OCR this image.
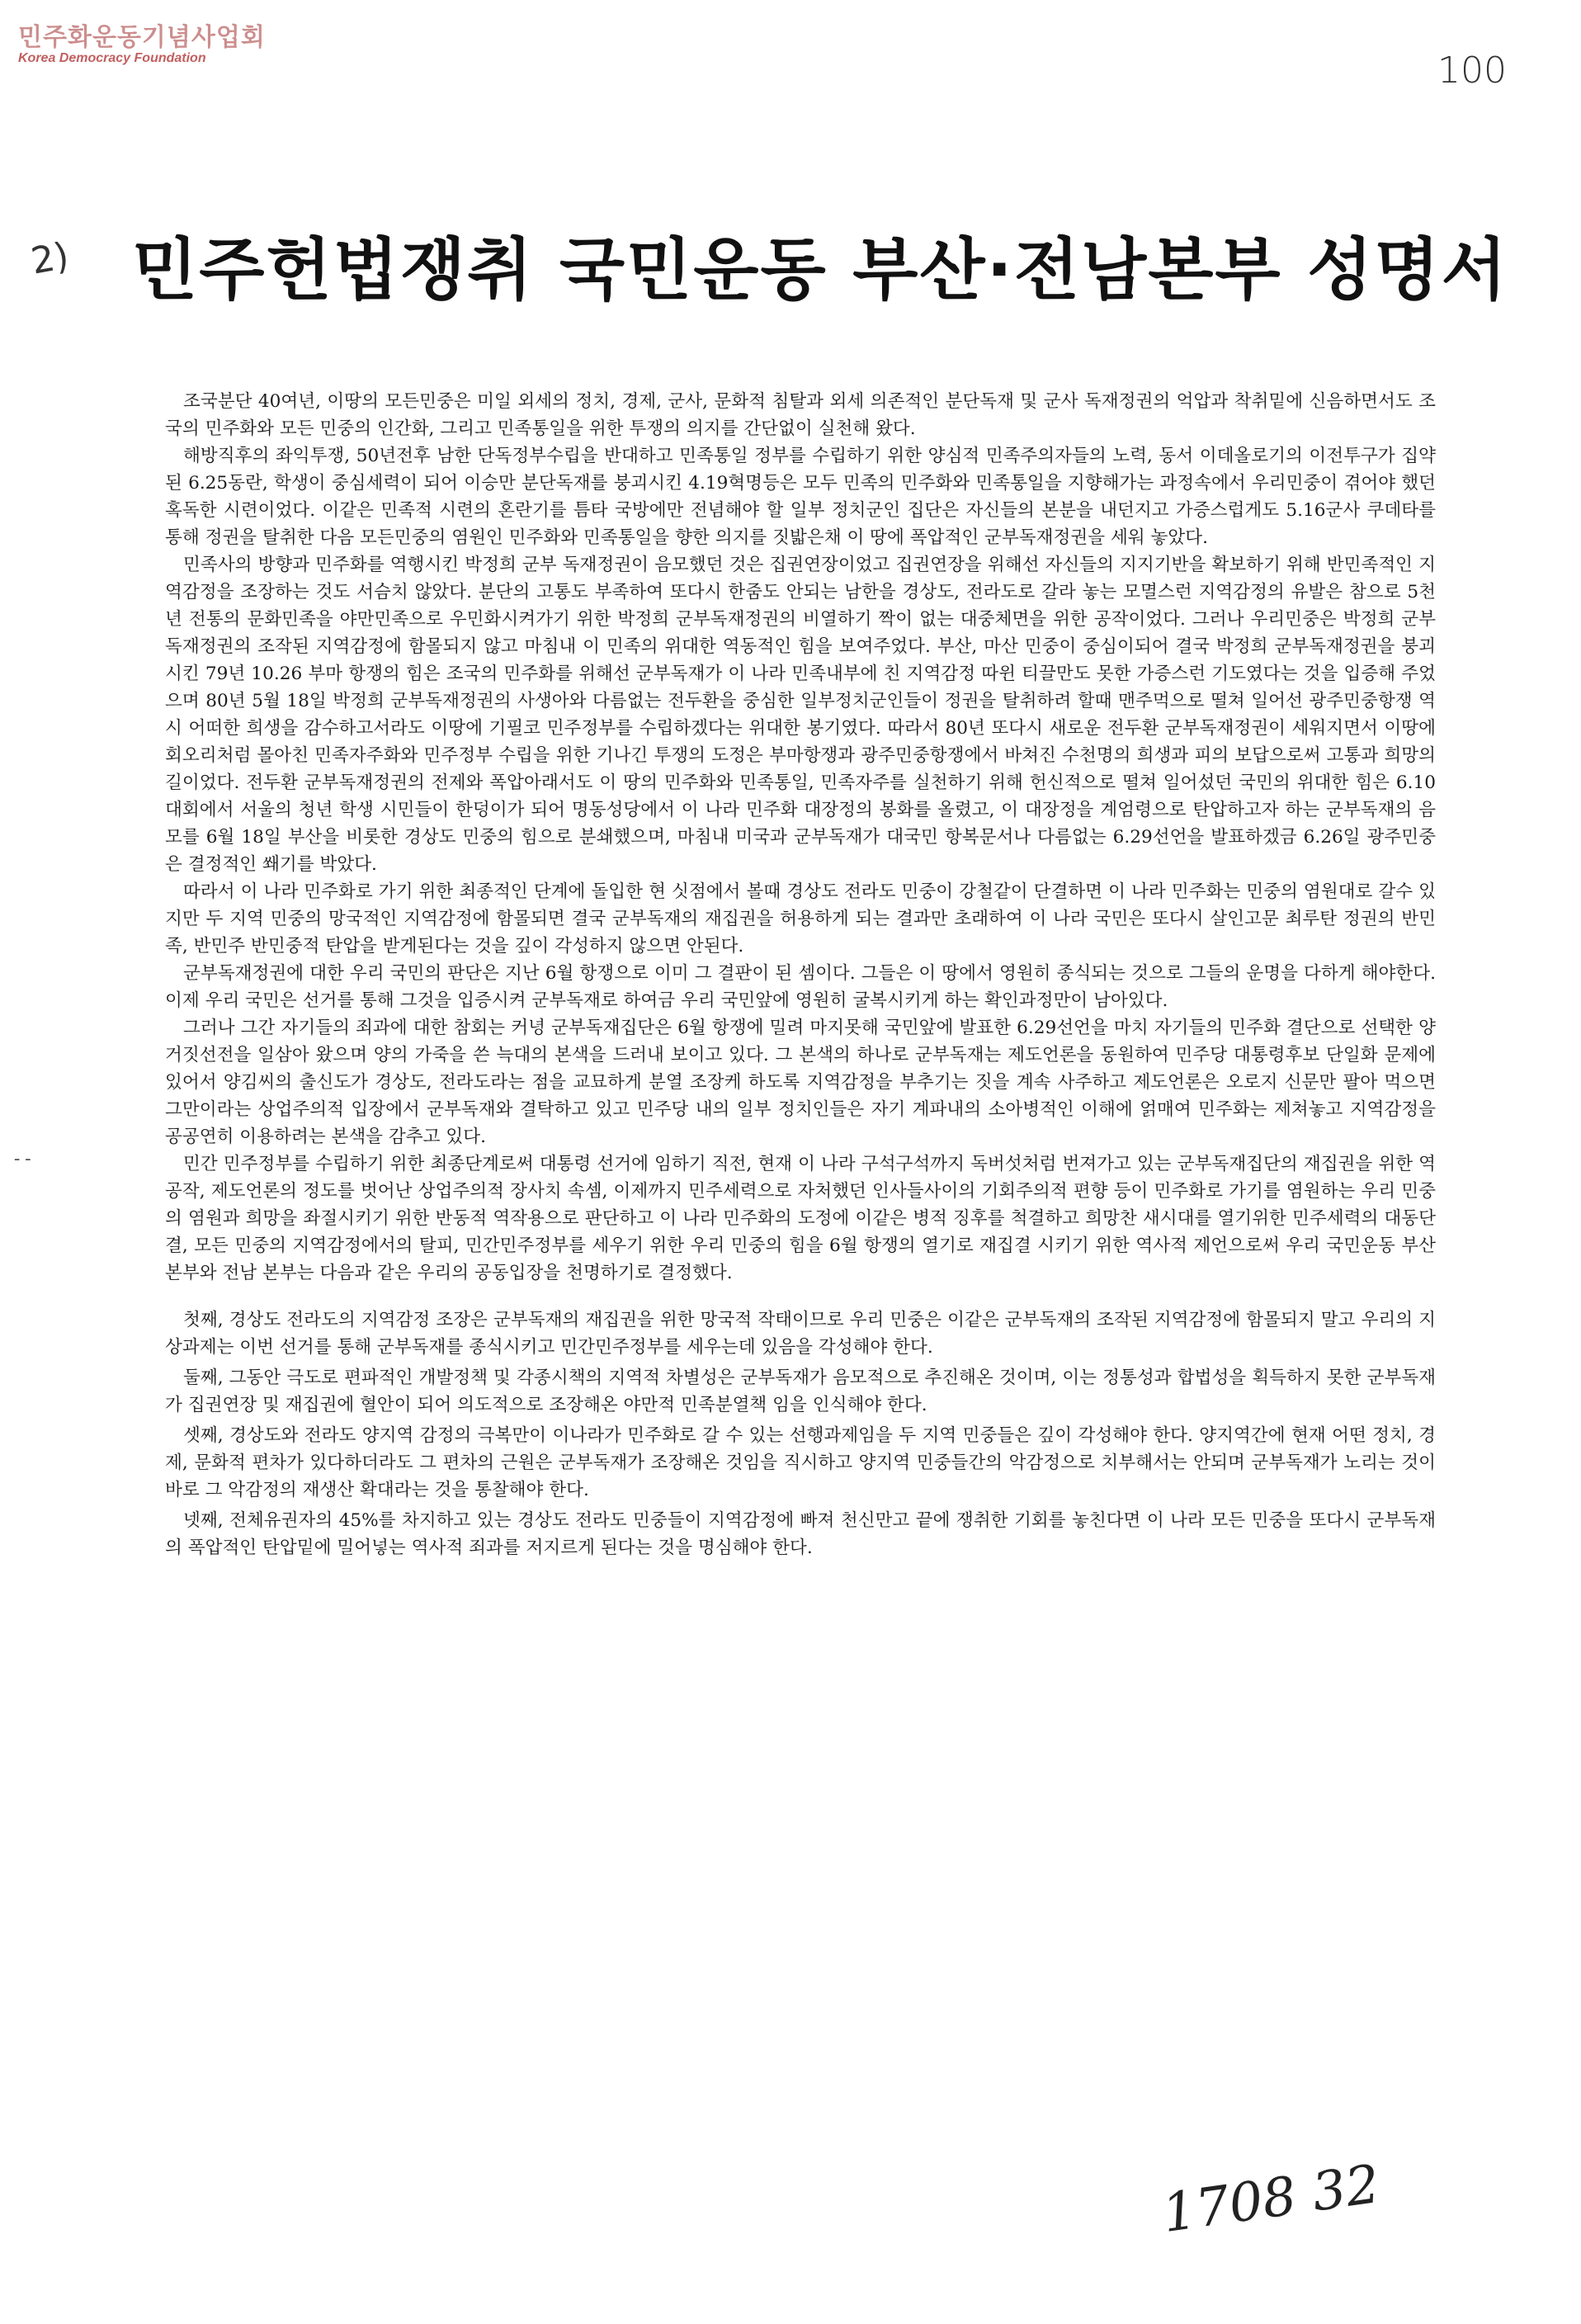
민주화운동기념사업회
Korea Democracy Foundation	100
2)
--
민주헌법쟁취 국민운동 부산·전남본부 성명서

조국분단 40여년, 이땅의 모든민중은 미일 외세의 정치, 경제, 군사, 문화적 침탈과 외세 의존적인 분단독재 및 군사 독재정권의 억압과 착취밑에 신음하면서도 조국의 민주화와 모든 민중의 인간화, 그리고 민족통일을 위한 투쟁의 의지를 간단없이 실천해 왔다.

해방직후의 좌익투쟁, 50년전후 남한 단독정부수립을 반대하고 민족통일 정부를 수립하기 위한 양심적 민족주의자들의 노력, 동서 이데올로기의 이전투구가 집약된 6.25동란, 학생이 중심세력이 되어 이승만 분단독재를 붕괴시킨 4.19혁명등은 모두 민족의 민주화와 민족통일을 지향해가는 과정속에서 우리민중이 겪어야 했던 혹독한 시련이었다. 이같은 민족적 시련의 혼란기를 틈타 국방에만 전념해야 할 일부 정치군인 집단은 자신들의 본분을 내던지고 가증스럽게도 5.16군사 쿠데타를 통해 정권을 탈취한 다음 모든민중의 염원인 민주화와 민족통일을 향한 의지를 짓밟은채 이 땅에 폭압적인 군부독재정권을 세워 놓았다.

민족사의 방향과 민주화를 역행시킨 박정희 군부 독재정권이 음모했던 것은 집권연장이었고 집권연장을 위해선 자신들의 지지기반을 확보하기 위해 반민족적인 지역감정을 조장하는 것도 서슴치 않았다. 분단의 고통도 부족하여 또다시 한줌도 안되는 남한을 경상도, 전라도로 갈라 놓는 모멸스런 지역감정의 유발은 참으로 5천년 전통의 문화민족을 야만민족으로 우민화시켜가기 위한 박정희 군부독재정권의 비열하기 짝이 없는 대중체면을 위한 공작이었다. 그러나 우리민중은 박정희 군부독재정권의 조작된 지역감정에 함몰되지 않고 마침내 이 민족의 위대한 역동적인 힘을 보여주었다. 부산, 마산 민중이 중심이되어 결국 박정희 군부독재정권을 붕괴시킨 79년 10.26 부마 항쟁의 힘은 조국의 민주화를 위해선 군부독재가 이 나라 민족내부에 친 지역감정 따윈 티끌만도 못한 가증스런 기도였다는 것을 입증해 주었으며 80년 5월 18일 박정희 군부독재정권의 사생아와 다름없는 전두환을 중심한 일부정치군인들이 정권을 탈취하려 할때 맨주먹으로 떨쳐 일어선 광주민중항쟁 역시 어떠한 희생을 감수하고서라도 이땅에 기필코 민주정부를 수립하겠다는 위대한 봉기였다. 따라서 80년 또다시 새로운 전두환 군부독재정권이 세워지면서 이땅에 회오리처럼 몰아친 민족자주화와 민주정부 수립을 위한 기나긴 투쟁의 도정은 부마항쟁과 광주민중항쟁에서 바쳐진 수천명의 희생과 피의 보답으로써 고통과 희망의 길이었다. 전두환 군부독재정권의 전제와 폭압아래서도 이 땅의 민주화와 민족통일, 민족자주를 실천하기 위해 헌신적으로 떨쳐 일어섰던 국민의 위대한 힘은 6.10대회에서 서울의 청년 학생 시민들이 한덩이가 되어 명동성당에서 이 나라 민주화 대장정의 봉화를 올렸고, 이 대장정을 계엄령으로 탄압하고자 하는 군부독재의 음모를 6월 18일 부산을 비롯한 경상도 민중의 힘으로 분쇄했으며, 마침내 미국과 군부독재가 대국민 항복문서나 다름없는 6.29선언을 발표하겠금 6.26일 광주민중은 결정적인 쐐기를 박았다.

따라서 이 나라 민주화로 가기 위한 최종적인 단계에 돌입한 현 싯점에서 볼때 경상도 전라도 민중이 강철같이 단결하면 이 나라 민주화는 민중의 염원대로 갈수 있지만 두 지역 민중의 망국적인 지역감정에 함몰되면 결국 군부독재의 재집권을 허용하게 되는 결과만 초래하여 이 나라 국민은 또다시 살인고문 최루탄 정권의 반민족, 반민주 반민중적 탄압을 받게된다는 것을 깊이 각성하지 않으면 안된다.

군부독재정권에 대한 우리 국민의 판단은 지난 6월 항쟁으로 이미 그 결판이 된 셈이다. 그들은 이 땅에서 영원히 종식되는 것으로 그들의 운명을 다하게 해야한다. 이제 우리 국민은 선거를 통해 그것을 입증시켜 군부독재로 하여금 우리 국민앞에 영원히 굴복시키게 하는 확인과정만이 남아있다.

그러나 그간 자기들의 죄과에 대한 참회는 커녕 군부독재집단은 6월 항쟁에 밀려 마지못해 국민앞에 발표한 6.29선언을 마치 자기들의 민주화 결단으로 선택한 양 거짓선전을 일삼아 왔으며 양의 가죽을 쓴 늑대의 본색을 드러내 보이고 있다. 그 본색의 하나로 군부독재는 제도언론을 동원하여 민주당 대통령후보 단일화 문제에 있어서 양김씨의 출신도가 경상도, 전라도라는 점을 교묘하게 분열 조장케 하도록 지역감정을 부추기는 짓을 계속 사주하고 제도언론은 오로지 신문만 팔아 먹으면 그만이라는 상업주의적 입장에서 군부독재와 결탁하고 있고 민주당 내의 일부 정치인들은 자기 계파내의 소아병적인 이해에 얽매여 민주화는 제쳐놓고 지역감정을 공공연히 이용하려는 본색을 감추고 있다.

민간 민주정부를 수립하기 위한 최종단계로써 대통령 선거에 임하기 직전, 현재 이 나라 구석구석까지 독버섯처럼 번져가고 있는 군부독재집단의 재집권을 위한 역공작, 제도언론의 정도를 벗어난 상업주의적 장사치 속셈, 이제까지 민주세력으로 자처했던 인사들사이의 기회주의적 편향 등이 민주화로 가기를 염원하는 우리 민중의 염원과 희망을 좌절시키기 위한 반동적 역작용으로 판단하고 이 나라 민주화의 도정에 이같은 병적 징후를 척결하고 희망찬 새시대를 열기위한 민주세력의 대동단결, 모든 민중의 지역감정에서의 탈피, 민간민주정부를 세우기 위한 우리 민중의 힘을 6월 항쟁의 열기로 재집결 시키기 위한 역사적 제언으로써 우리 국민운동 부산 본부와 전남 본부는 다음과 같은 우리의 공동입장을 천명하기로 결정했다.

첫째, 경상도 전라도의 지역감정 조장은 군부독재의 재집권을 위한 망국적 작태이므로 우리 민중은 이같은 군부독재의 조작된 지역감정에 함몰되지 말고 우리의 지상과제는 이번 선거를 통해 군부독재를 종식시키고 민간민주정부를 세우는데 있음을 각성해야 한다.

둘째, 그동안 극도로 편파적인 개발정책 및 각종시책의 지역적 차별성은 군부독재가 음모적으로 추진해온 것이며, 이는 정통성과 합법성을 획득하지 못한 군부독재가 집권연장 및 재집권에 혈안이 되어 의도적으로 조장해온 야만적 민족분열책 임을 인식해야 한다.

셋째, 경상도와 전라도 양지역 감정의 극복만이 이나라가 민주화로 갈 수 있는 선행과제임을 두 지역 민중들은 깊이 각성해야 한다. 양지역간에 현재 어떤 정치, 경제, 문화적 편차가 있다하더라도 그 편차의 근원은 군부독재가 조장해온 것임을 직시하고 양지역 민중들간의 악감정으로 치부해서는 안되며 군부독재가 노리는 것이 바로 그 악감정의 재생산 확대라는 것을 통찰해야 한다.

넷째, 전체유권자의 45%를 차지하고 있는 경상도 전라도 민중들이 지역감정에 빠져 천신만고 끝에 쟁취한 기회를 놓친다면 이 나라 모든 민중을 또다시 군부독재의 폭압적인 탄압밑에 밀어넣는 역사적 죄과를 저지르게 된다는 것을 명심해야 한다.

1708 32
